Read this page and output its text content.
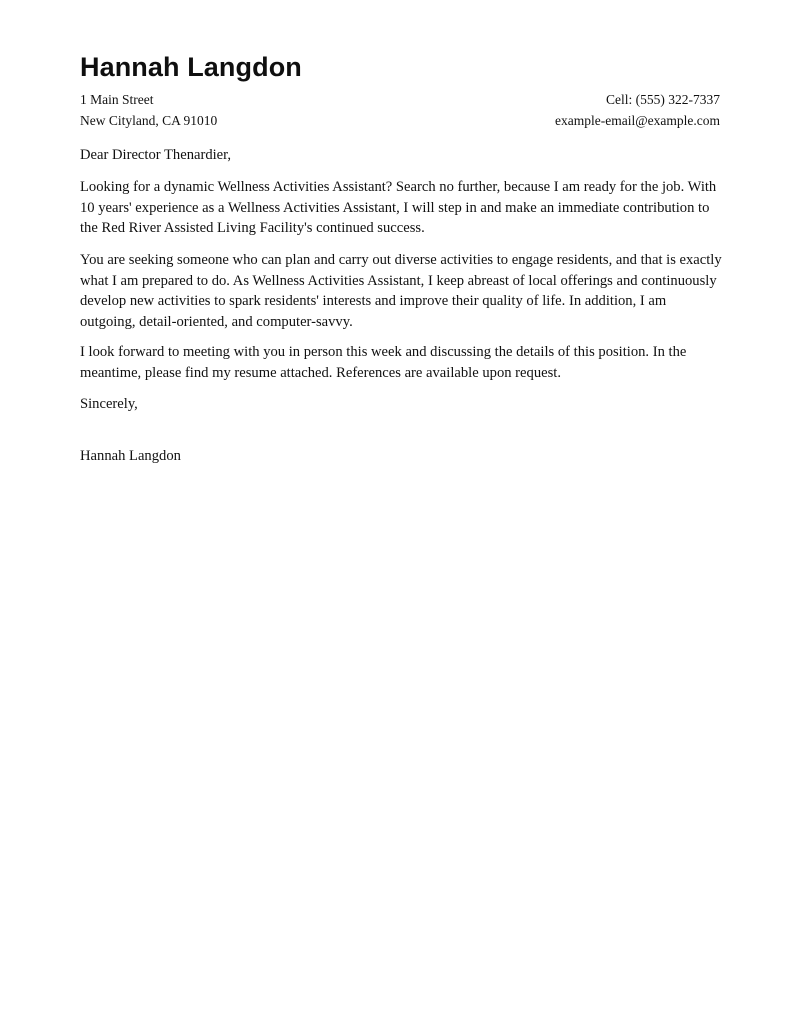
Hannah Langdon
1 Main Street	Cell: (555) 322-7337
New Cityland, CA 91010	example-email@example.com

Dear Director Thenardier,

Looking for a dynamic Wellness Activities Assistant? Search no further, because I am ready for the job. With 10 years' experience as a Wellness Activities Assistant, I will step in and make an immediate contribution to the Red River Assisted Living Facility's continued success.

You are seeking someone who can plan and carry out diverse activities to engage residents, and that is exactly what I am prepared to do. As Wellness Activities Assistant, I keep abreast of local offerings and continuously develop new activities to spark residents' interests and improve their quality of life. In addition, I am outgoing, detail-oriented, and computer-savvy.

I look forward to meeting with you in person this week and discussing the details of this position. In the meantime, please find my resume attached. References are available upon request.

Sincerely,

Hannah Langdon
